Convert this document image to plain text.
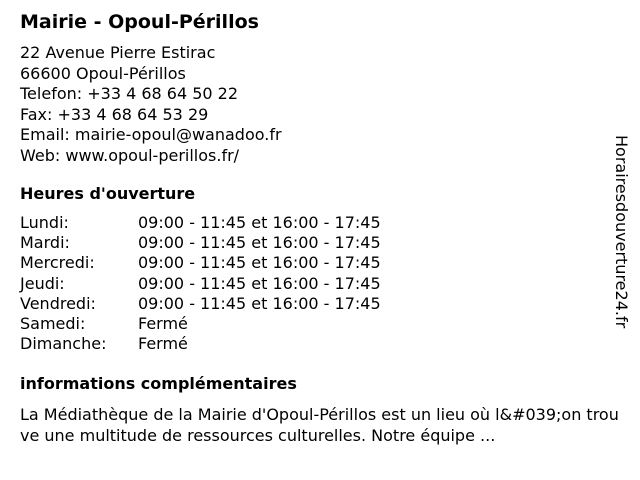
Mairie - Opoul-Périllos
22 Avenue Pierre Estirac
66600 Opoul-Périllos
Telefon: +33 4 68 64 50 22
Fax: +33 4 68 64 53 29
Email: mairie-opoul@wanadoo.fr
Web: www.opoul-perillos.fr/
Heures d'ouverture
Lundi:	09:00 - 11:45 et 16:00 - 17:45
Mardi:	09:00 - 11:45 et 16:00 - 17:45
Mercredi:	09:00 - 11:45 et 16:00 - 17:45
Jeudi:	09:00 - 11:45 et 16:00 - 17:45
Vendredi:	09:00 - 11:45 et 16:00 - 17:45
Samedi:	Fermé
Dimanche: Fermé
informations complémentaires
La Médiathèque de la Mairie d'Opoul-Périllos est un lieu où l&#039;on trouve une multitude de ressources culturelles. Notre équipe ...
Horairesdouverture24.fr
